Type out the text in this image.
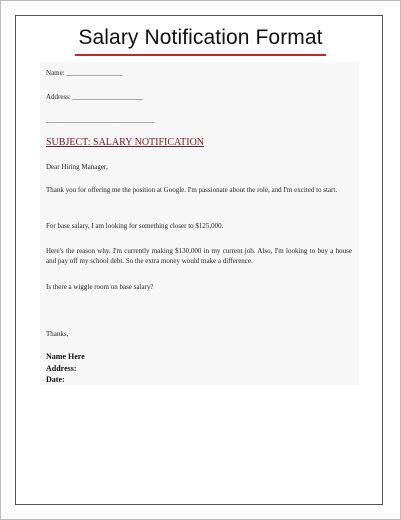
Salary Notification Format

Name: ________________

Address: ____________________

_______________________________

SUBJECT: SALARY NOTIFICATION

Dear Hiring Manager,

Thank you for offering me the position at Google. I'm passionate about the role, and I'm excited to start.

For base salary, I am looking for something closer to $125,000.

Here's the reason why. I'm currently making $130,000 in my current job. Also, I'm looking to buy a house and pay off my school debt. So the extra money would make a difference.

Is there a wiggle room on base salary?

Thanks,

Name Here
Address:
Date:
